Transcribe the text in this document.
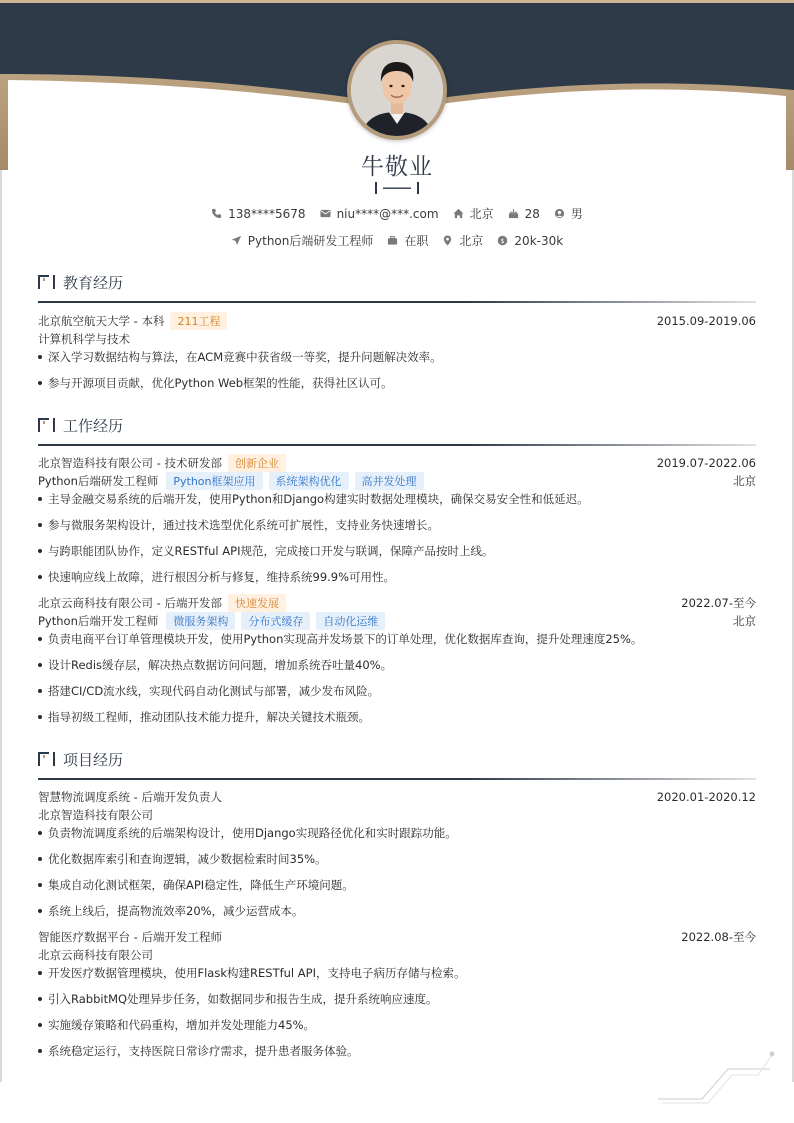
牛敬业
138****5678	niu****@***.com	北京	28	男
Python后端研发工程师	在职	北京 $ 20k-30k
教育经历
北京航空航天大学 - 本科	211工程	2015.09-2019.06
计算机科学与技术
深入学习数据结构与算法，在ACM竞赛中获省级一等奖，提升问题解决效率。
参与开源项目贡献，优化Python Web框架的性能，获得社区认可。
工作经历
北京智造科技有限公司 - 技术研发部	创新企业	2019.07-2022.06
Python后端研发工程师	Python框架应用	系统架构优化	高并发处理	北京
主导金融交易系统的后端开发，使用Python和Django构建实时数据处理模块，确保交易安全性和低延迟。
参与微服务架构设计，通过技术选型优化系统可扩展性，支持业务快速增长。
与跨职能团队协作，定义RESTful API规范，完成接口开发与联调，保障产品按时上线。
快速响应线上故障，进行根因分析与修复，维持系统99.9%可用性。
北京云商科技有限公司 - 后端开发部	快速发展	2022.07-至今
Python后端开发工程师	微服务架构	分布式缓存	自动化运维	北京
负责电商平台订单管理模块开发，使用Python实现高并发场景下的订单处理，优化数据库查询，提升处理速度25%。
设计Redis缓存层，解决热点数据访问问题，增加系统吞吐量40%。
搭建CI/CD流水线，实现代码自动化测试与部署，减少发布风险。
指导初级工程师，推动团队技术能力提升，解决关键技术瓶颈。
项目经历
智慧物流调度系统 - 后端开发负责人	2020.01-2020.12
北京智造科技有限公司
负责物流调度系统的后端架构设计，使用Django实现路径优化和实时跟踪功能。
优化数据库索引和查询逻辑，减少数据检索时间35%。
集成自动化测试框架，确保API稳定性，降低生产环境问题。
系统上线后，提高物流效率20%，减少运营成本。
智能医疗数据平台 - 后端开发工程师	2022.08-至今
北京云商科技有限公司
开发医疗数据管理模块，使用Flask构建RESTful API，支持电子病历存储与检索。
引入RabbitMQ处理异步任务，如数据同步和报告生成，提升系统响应速度。
实施缓存策略和代码重构，增加并发处理能力45%。
系统稳定运行，支持医院日常诊疗需求，提升患者服务体验。
